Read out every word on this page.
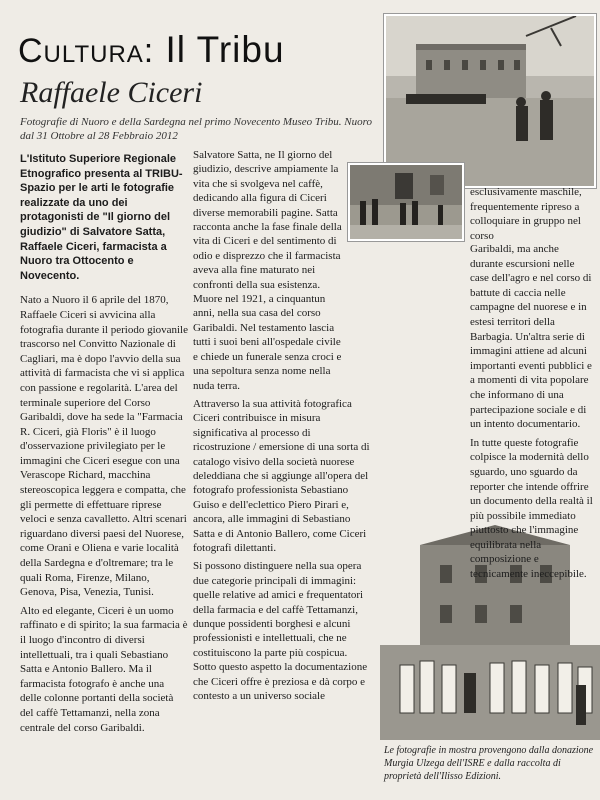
Cultura: Il Tribu
Raffaele Ciceri
Fotografie di Nuoro e della Sardegna nel primo Novecento Museo Tribu. Nuoro dal 31 Ottobre al 28 Febbraio 2012

L'Istituto Superiore Regionale Etnografico presenta al TRIBU-Spazio per le arti le fotografie realizzate da uno dei protagonisti de "Il giorno del giudizio" di Salvatore Satta, Raffaele Ciceri, farmacista a Nuoro tra Ottocento e Novecento.

Nato a Nuoro il 6 aprile del 1870, Raffaele Ciceri si avvicina alla fotografia durante il periodo giovanile trascorso nel Convitto Nazionale di Cagliari, ma è dopo l'avvio della sua attività di farmacista che vi si applica con passione e regolarità. L'area del terminale superiore del Corso Garibaldi, dove ha sede la "Farmacia R. Ciceri, già Floris" è il luogo d'osservazione privilegiato per le immagini che Ciceri esegue con una Verascope Richard, macchina stereoscopica leggera e compatta, che gli permette di effettuare riprese veloci e senza cavalletto. Altri scenari riguardano diversi paesi del Nuorese, come Orani e Oliena e varie località della Sardegna e d'oltremare; tra le quali Roma, Firenze, Milano, Genova, Pisa, Venezia, Tunisi.

Alto ed elegante, Ciceri è un uomo raffinato e di spirito; la sua farmacia è il luogo d'incontro di diversi intellettuali, tra i quali Sebastiano Satta e Antonio Ballero. Ma il farmacista fotografo è anche una delle colonne portanti della società del caffè Tettamanzi, nella zona centrale del corso Garibaldi.

Salvatore Satta, ne Il giorno del giudizio, descrive ampiamente la vita che si svolgeva nel caffè, dedicando alla figura di Ciceri diverse memorabili pagine. Satta racconta anche la fase finale della vita di Ciceri e del sentimento di odio e disprezzo che il farmacista aveva alla fine maturato nei confronti della sua esistenza. Muore nel 1921, a cinquantun anni, nella sua casa del corso Garibaldi. Nel testamento lascia tutti i suoi beni all'ospedale civile e chiede un funerale senza croci e una sepoltura senza nome nella nuda terra.

Attraverso la sua attività fotografica Ciceri contribuisce in misura significativa al processo di ricostruzione / emersione di una sorta di catalogo visivo della società nuorese deleddiana che si aggiunge all'opera del fotografo professionista Sebastiano Guiso e dell'eclettico Piero Pirari e, ancora, alle immagini di Sebastiano Satta e di Antonio Ballero, come Ciceri fotografi dilettanti.

Si possono distinguere nella sua opera due categorie principali di immagini: quelle relative ad amici e frequentatori della farmacia e del caffè Tettamanzi, dunque possidenti borghesi e alcuni professionisti e intellettuali, che ne costituiscono la parte più cospicua. Sotto questo aspetto la documentazione che Ciceri offre è preziosa e dà corpo e contesto a un universo sociale

esclusivamente maschile, frequentemente ripreso a colloquiare in gruppo nel corso

Garibaldi, ma anche durante escursioni nelle case dell'agro e nel corso di battute di caccia nelle campagne del nuorese e in estesi territori della Barbagia. Un'altra serie di immagini attiene ad alcuni importanti eventi pubblici e a momenti di vita popolare che informano di una partecipazione sociale e di un intento documentario.

In tutte queste fotografie colpisce la modernità dello sguardo, uno sguardo da reporter che intende offrire un documento della realtà il più possibile immediato piuttosto che l'immagine equilibrata nella composizione e tecnicamente ineccepibile.

Le fotografie in mostra provengono dalla donazione Murgia Ulzega dell'ISRE e dalla raccolta di proprietà dell'Ilisso Edizioni.
